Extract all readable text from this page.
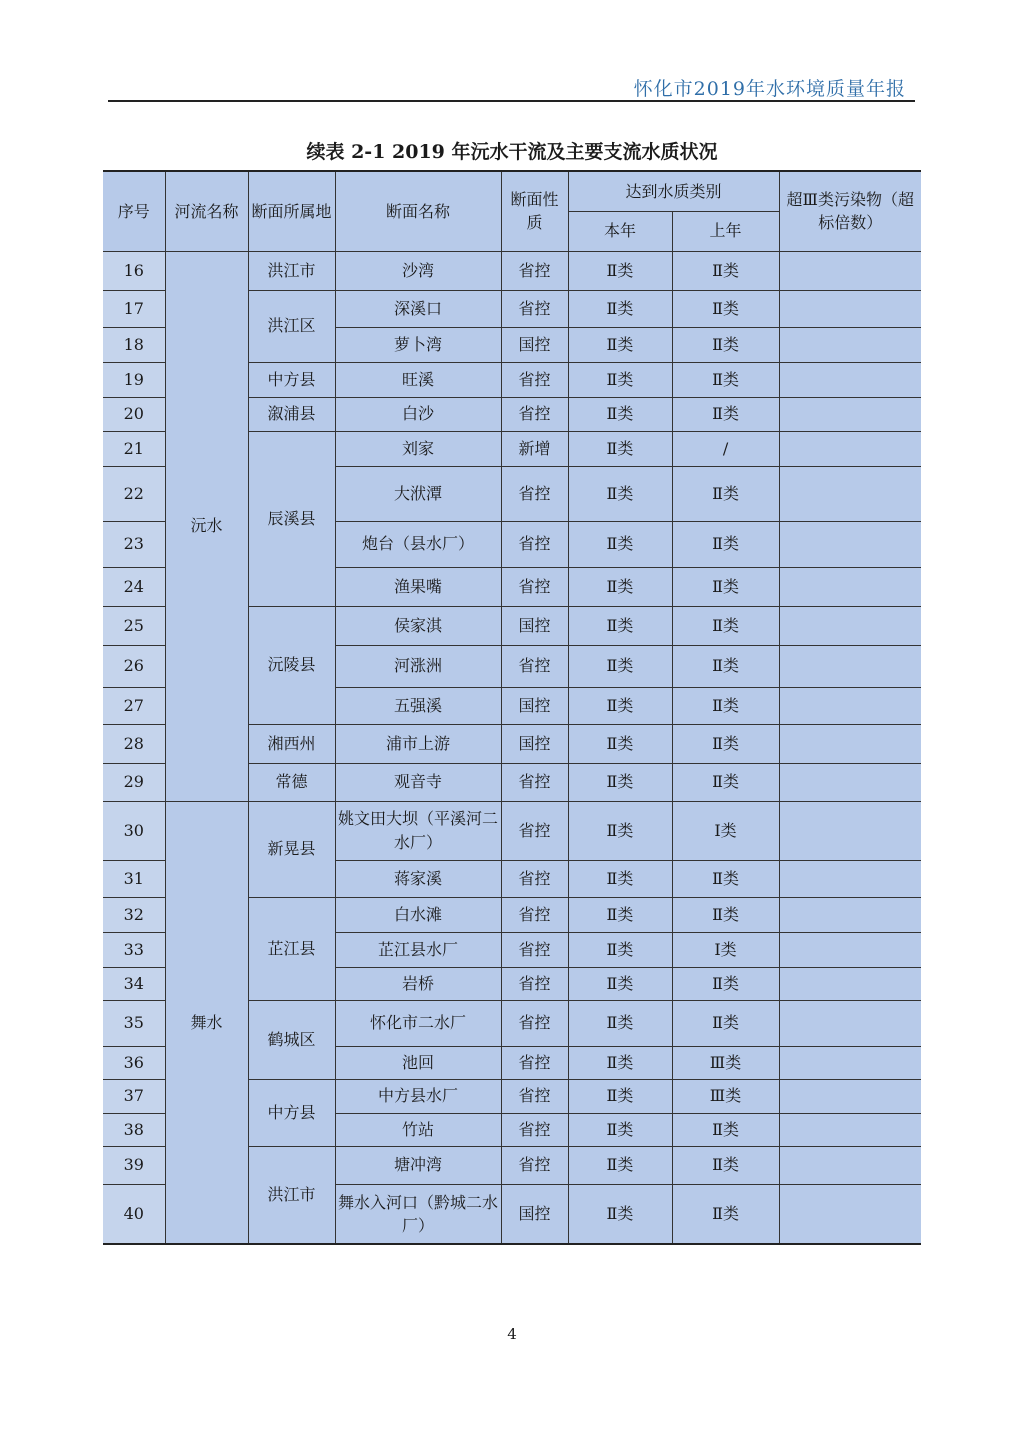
怀化市2019年水环境质量年报
续表 2-1 2019 年沅水干流及主要支流水质状况
序号	河流名称	断面所属地	断面名称	断面性质	达到水质类别		超Ⅲ类污染物（超标倍数）
					本年	上年	
16	沅水	洪江市	沙湾	省控	Ⅱ类	Ⅱ类	
17		洪江区	深溪口	省控	Ⅱ类	Ⅱ类	
18			萝卜湾	国控	Ⅱ类	Ⅱ类	
19		中方县	旺溪	省控	Ⅱ类	Ⅱ类	
20		溆浦县	白沙	省控	Ⅱ类	Ⅱ类	
21		辰溪县	刘家	新增	Ⅱ类	/	
22			大洑潭	省控	Ⅱ类	Ⅱ类	
23			炮台（县水厂）	省控	Ⅱ类	Ⅱ类	
24			渔果嘴	省控	Ⅱ类	Ⅱ类	
25		沅陵县	侯家淇	国控	Ⅱ类	Ⅱ类	
26			河涨洲	省控	Ⅱ类	Ⅱ类	
27			五强溪	国控	Ⅱ类	Ⅱ类	
28		湘西州	浦市上游	国控	Ⅱ类	Ⅱ类	
29		常德	观音寺	省控	Ⅱ类	Ⅱ类	
30	舞水	新晃县	姚文田大坝（平溪河二水厂）	省控	Ⅱ类	Ⅰ类	
31			蒋家溪	省控	Ⅱ类	Ⅱ类	
32		芷江县	白水滩	省控	Ⅱ类	Ⅱ类	
33			芷江县水厂	省控	Ⅱ类	Ⅰ类	
34			岩桥	省控	Ⅱ类	Ⅱ类	
35		鹤城区	怀化市二水厂	省控	Ⅱ类	Ⅱ类	
36			池回	省控	Ⅱ类	Ⅲ类	
37		中方县	中方县水厂	省控	Ⅱ类	Ⅲ类	
38			竹站	省控	Ⅱ类	Ⅱ类	
39		洪江市	塘冲湾	省控	Ⅱ类	Ⅱ类	
40			舞水入河口（黔城二水厂）	国控	Ⅱ类	Ⅱ类	
4
